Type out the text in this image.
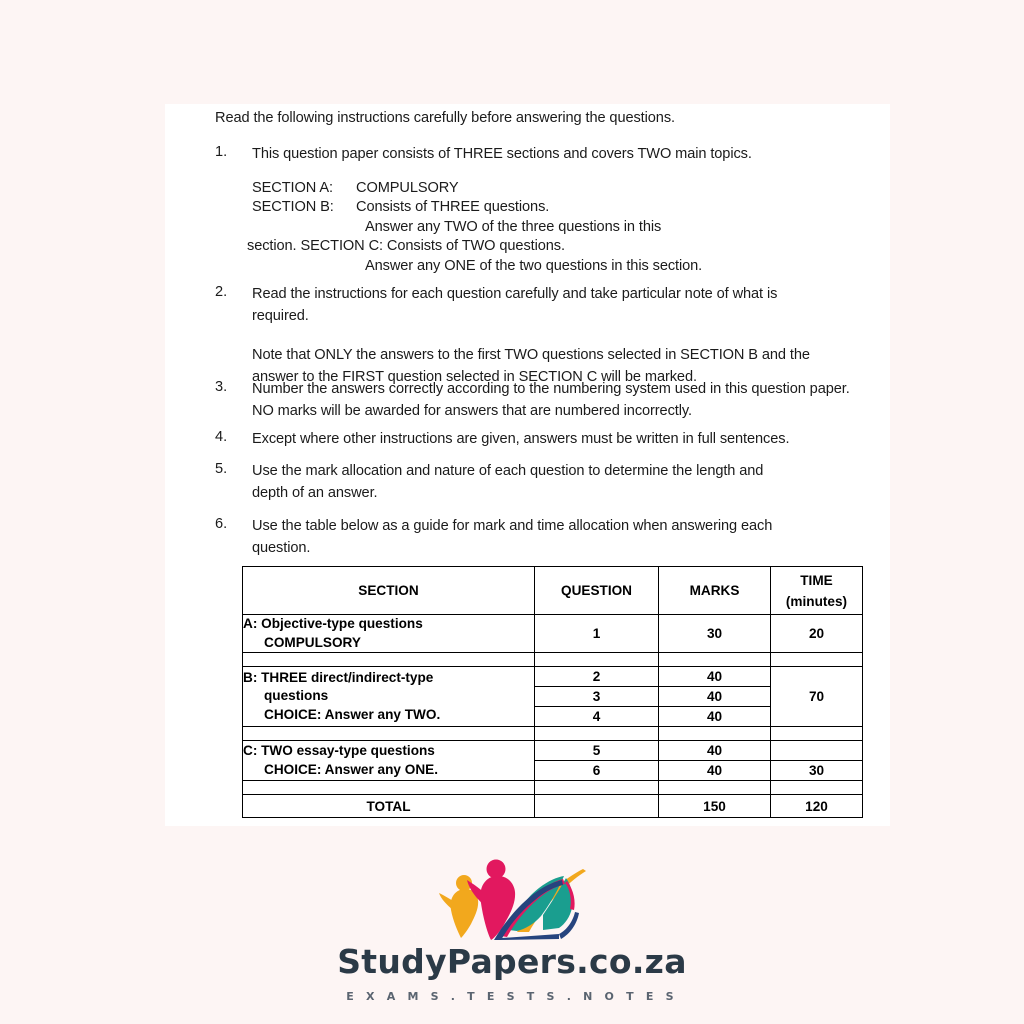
Read the following instructions carefully before answering the questions.
1.	This question paper consists of THREE sections and covers TWO main topics.

SECTION A: COMPULSORY
SECTION B: Consists of THREE questions.
Answer any TWO of the three questions in this
section. SECTION C: Consists of TWO questions.
Answer any ONE of the two questions in this section.
2.	Read the instructions for each question carefully and take particular note of what is required.

Note that ONLY the answers to the first TWO questions selected in SECTION B and the answer to the FIRST question selected in SECTION C will be marked.

3.	Number the answers correctly according to the numbering system used in this question paper. NO marks will be awarded for answers that are numbered incorrectly.

4.	Except where other instructions are given, answers must be written in full sentences.

5.	Use the mark allocation and nature of each question to determine the length and depth of an answer.

6.	Use the table below as a guide for mark and time allocation when answering each question.

SECTION	QUESTION	MARKS	TIME
(minutes)

A: Objective-type questions
COMPULSORY	1	30	20

B: THREE direct/indirect-type
questions
CHOICE: Answer any TWO.	2	40	70
	3	40	
	4	40	

C: TWO essay-type questions
CHOICE: Answer any ONE.	5	40	
	6	40	30

TOTAL		150	120
StudyPapers.co.za
E X A M S . T E S T S . N O T E S
